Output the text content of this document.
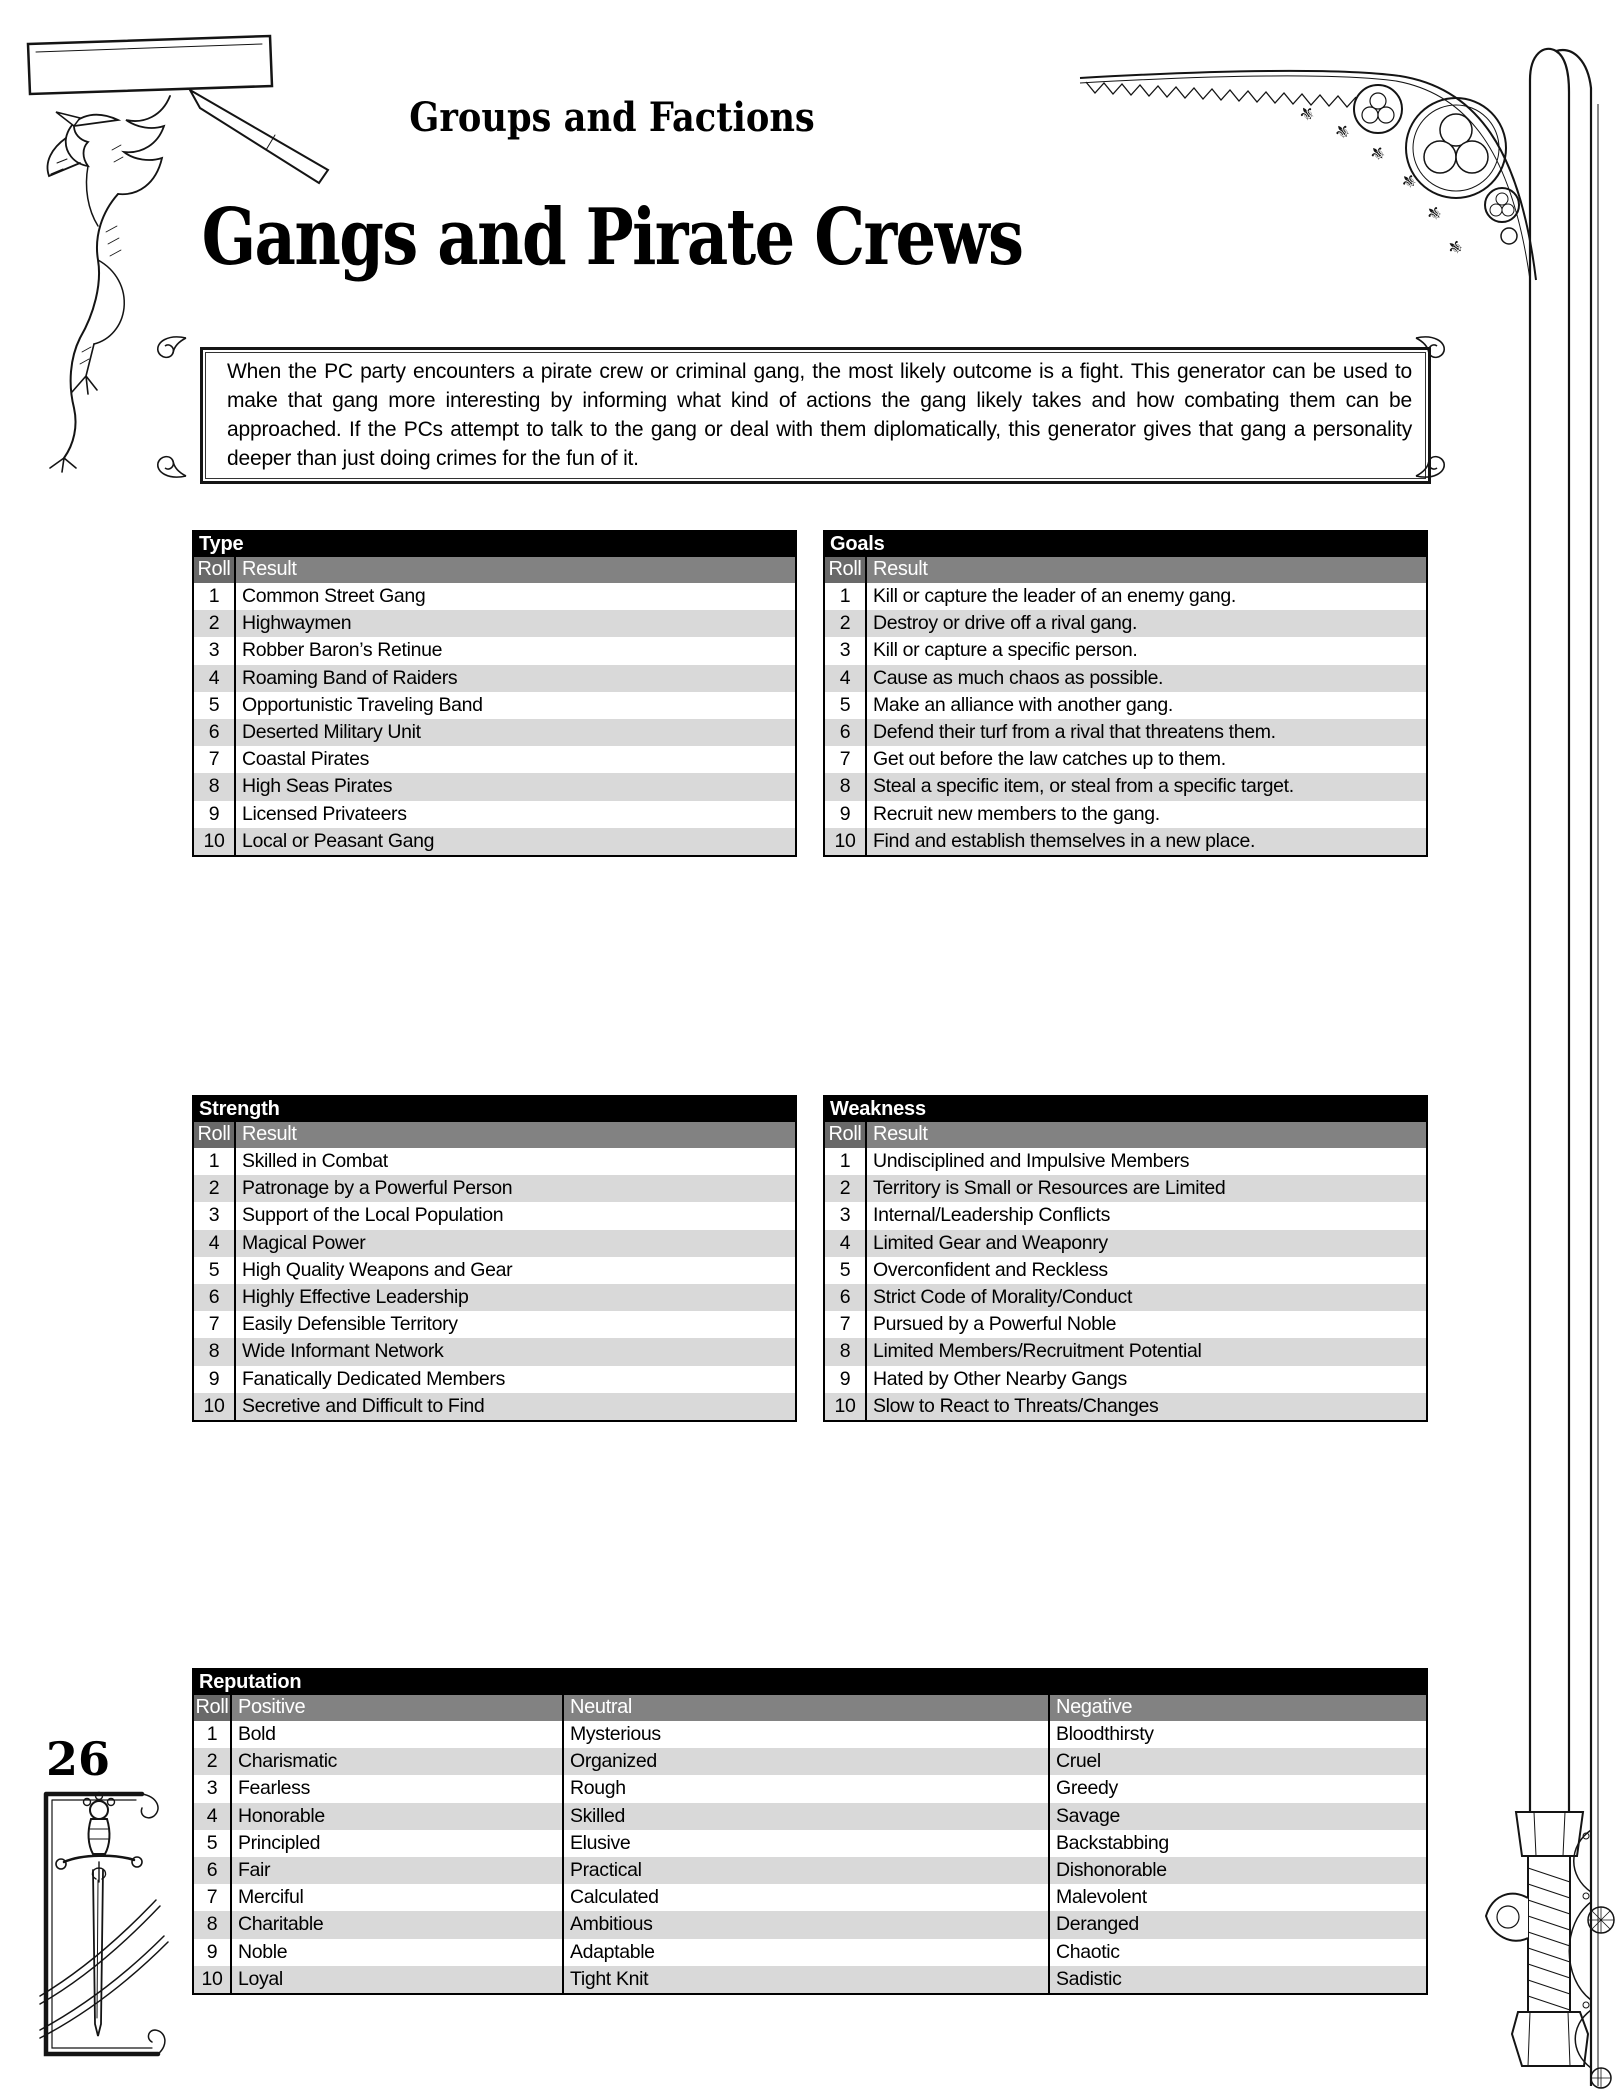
⚜
⚜
⚜
⚜
⚜
⚜
Groups and Factions
Gangs and Pirate Crews
When the PC party encounters a pirate crew or criminal gang, the most likely outcome is a fight. This generator can be used to make that gang more interesting by informing what kind of actions the gang likely takes and how combating them can be approached. If the PCs attempt to talk to the gang or deal with them diplomatically, this generator gives that gang a personality deeper than just doing crimes for the fun of it.
Type
Roll Result
1	Common Street Gang
2	Highwaymen
3	Robber Baron’s Retinue
4	Roaming Band of Raiders
5	Opportunistic Traveling Band
6	Deserted Military Unit
7	Coastal Pirates
8	High Seas Pirates
9	Licensed Privateers
10 Local or Peasant Gang
Goals
Roll Result
1	Kill or capture the leader of an enemy gang.
2	Destroy or drive off a rival gang.
3	Kill or capture a specific person.
4	Cause as much chaos as possible.
5	Make an alliance with another gang.
6	Defend their turf from a rival that threatens them.
7	Get out before the law catches up to them.
8	Steal a specific item, or steal from a specific target.
9	Recruit new members to the gang.
10 Find and establish themselves in a new place.
Strength
Roll Result
1	Skilled in Combat
2	Patronage by a Powerful Person
3	Support of the Local Population
4	Magical Power
5	High Quality Weapons and Gear
6	Highly Effective Leadership
7	Easily Defensible Territory
8	Wide Informant Network
9	Fanatically Dedicated Members
10 Secretive and Difficult to Find
Weakness
Roll Result
1	Undisciplined and Impulsive Members
2	Territory is Small or Resources are Limited
3	Internal/Leadership Conflicts
4	Limited Gear and Weaponry
5	Overconfident and Reckless
6	Strict Code of Morality/Conduct
7	Pursued by a Powerful Noble
8	Limited Members/Recruitment Potential
9	Hated by Other Nearby Gangs
10 Slow to React to Threats/Changes
Reputation
Roll Positive	Neutral	Negative
1	Bold	Mysterious	Bloodthirsty
2	Charismatic	Organized	Cruel
3	Fearless	Rough	Greedy
4	Honorable	Skilled	Savage
5	Principled	Elusive	Backstabbing
6	Fair	Practical	Dishonorable
7	Merciful	Calculated	Malevolent
8	Charitable	Ambitious	Deranged
9	Noble	Adaptable	Chaotic
10 Loyal	Tight Knit	Sadistic
26
